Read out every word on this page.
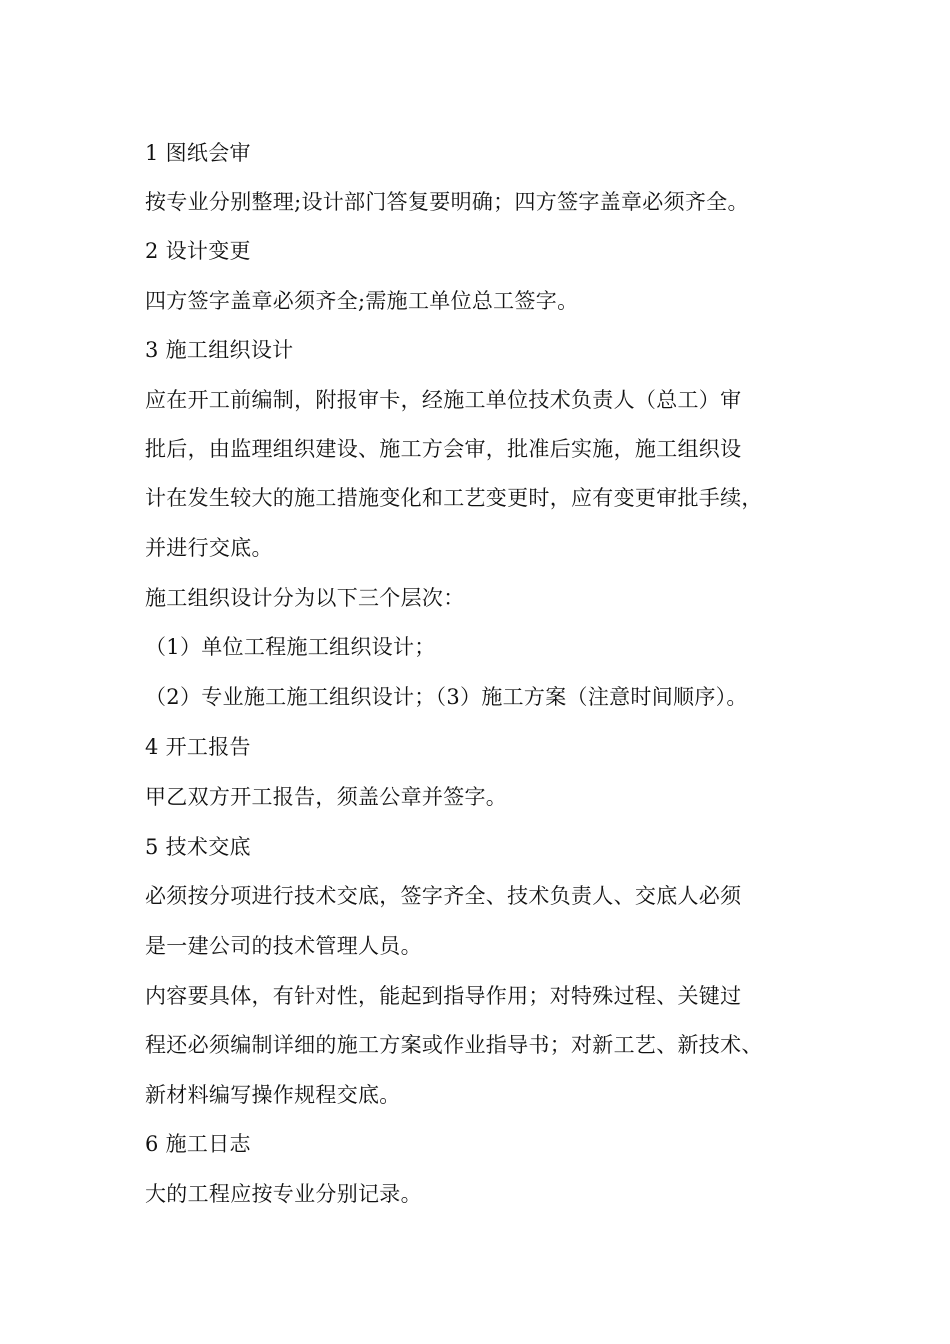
1 图纸会审

按专业分别整理;设计部门答复要明确；四方签字盖章必须齐全。

2 设计变更

四方签字盖章必须齐全;需施工单位总工签字。

3 施工组织设计

应在开工前编制，附报审卡，经施工单位技术负责人（总工）审

批后，由监理组织建设、施工方会审，批准后实施，施工组织设

计在发生较大的施工措施变化和工艺变更时，应有变更审批手续，

并进行交底。

施工组织设计分为以下三个层次：

（1）单位工程施工组织设计；

（2）专业施工施工组织设计；（3）施工方案（注意时间顺序）。

4 开工报告

甲乙双方开工报告，须盖公章并签字。

5 技术交底

必须按分项进行技术交底，签字齐全、技术负责人、交底人必须

是一建公司的技术管理人员。

内容要具体，有针对性，能起到指导作用；对特殊过程、关键过

程还必须编制详细的施工方案或作业指导书；对新工艺、新技术、

新材料编写操作规程交底。

6 施工日志

大的工程应按专业分别记录。
